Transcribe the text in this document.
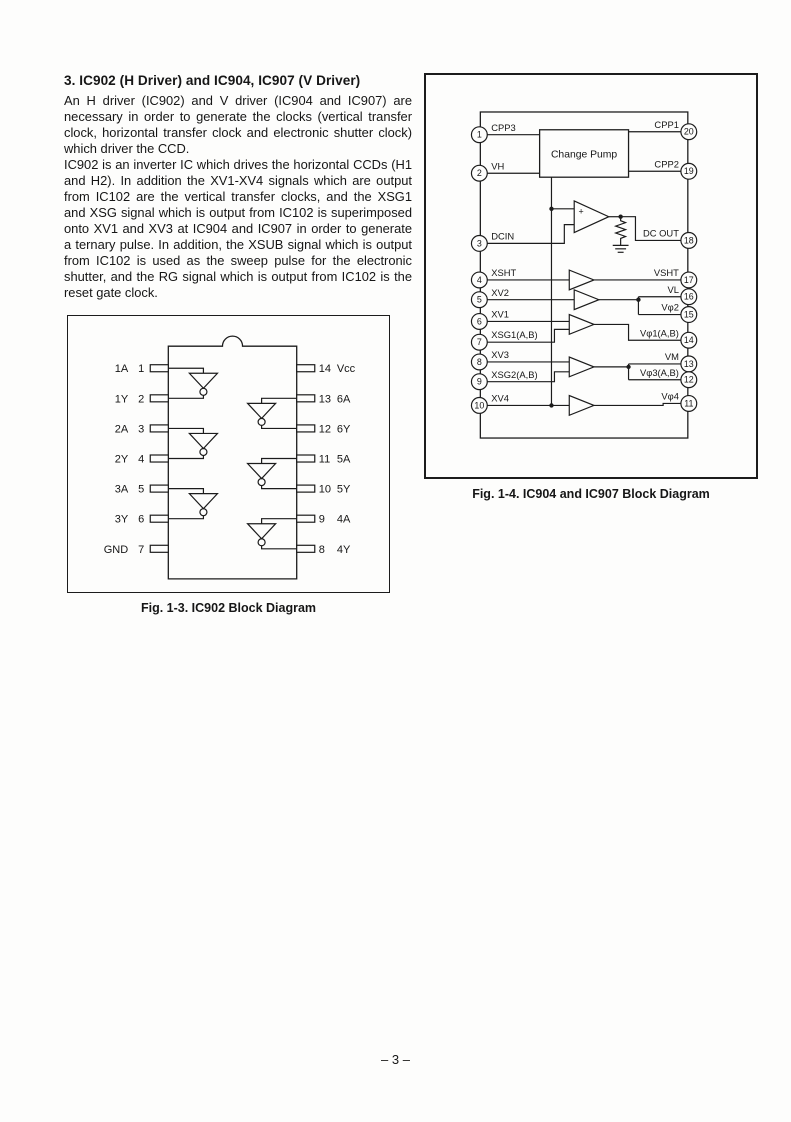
3. IC902 (H Driver) and IC904, IC907 (V Driver)

An H driver (IC902) and V driver (IC904 and IC907) are necessary in order to generate the clocks (vertical transfer clock, horizontal transfer clock and electronic shutter clock) which driver the CCD.

IC902 is an inverter IC which drives the horizontal CCDs (H1 and H2). In addition the XV1-XV4 signals which are output from IC102 are the vertical transfer clocks, and the XSG1 and XSG signal which is output from IC102 is superimposed onto XV1 and XV3 at IC904 and IC907 in order to generate a ternary pulse. In addition, the XSUB signal which is output from IC102 is used as the sweep pulse for the electronic shutter, and the RG signal which is output from IC102 is the reset gate clock.

1A 1
1Y 2
2A 3
2Y 4
3A 5
3Y 6
GND 7
14 Vcc
13 6A
12 6Y
11 5A
10 5Y
9 4A
8 4Y
Fig. 1-3. IC902 Block Diagram
Change Pump
+
1
2
3
4
5
6
7
8
9
10
20
19
18
17
16
15
14
13
12
11
CPP3
VH
DCIN
XSHT
XV2
XV1
XSG1(A,B)
XV3
XSG2(A,B)
XV4
CPP1
CPP2
DC OUT
VSHT
VL
Vφ2
Vφ1(A,B)
VM
Vφ3(A,B)
Vφ4
Fig. 1-4. IC904 and IC907 Block Diagram
– 3 –
